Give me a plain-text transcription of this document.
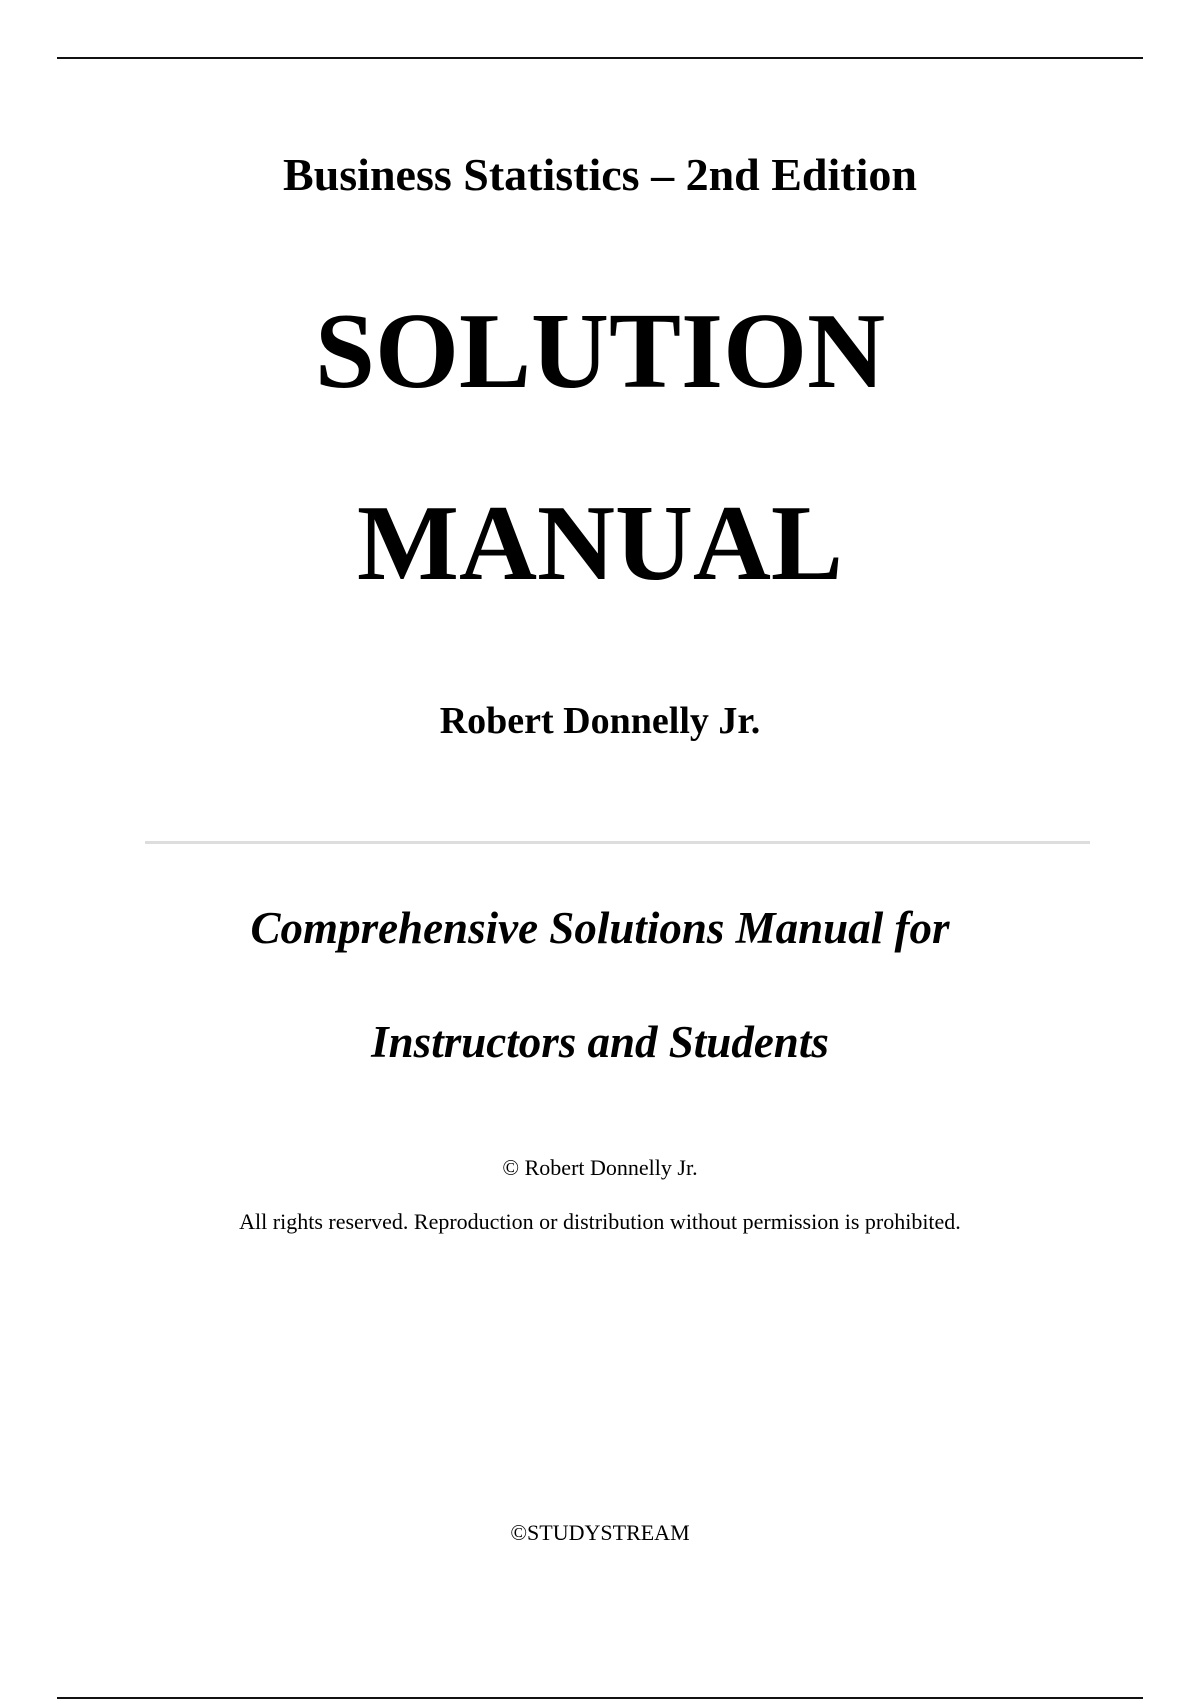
Business Statistics – 2nd Edition
SOLUTION
MANUAL
Robert Donnelly Jr.
Comprehensive Solutions Manual for
Instructors and Students
© Robert Donnelly Jr.
All rights reserved. Reproduction or distribution without permission is prohibited.
©STUDYSTREAM
